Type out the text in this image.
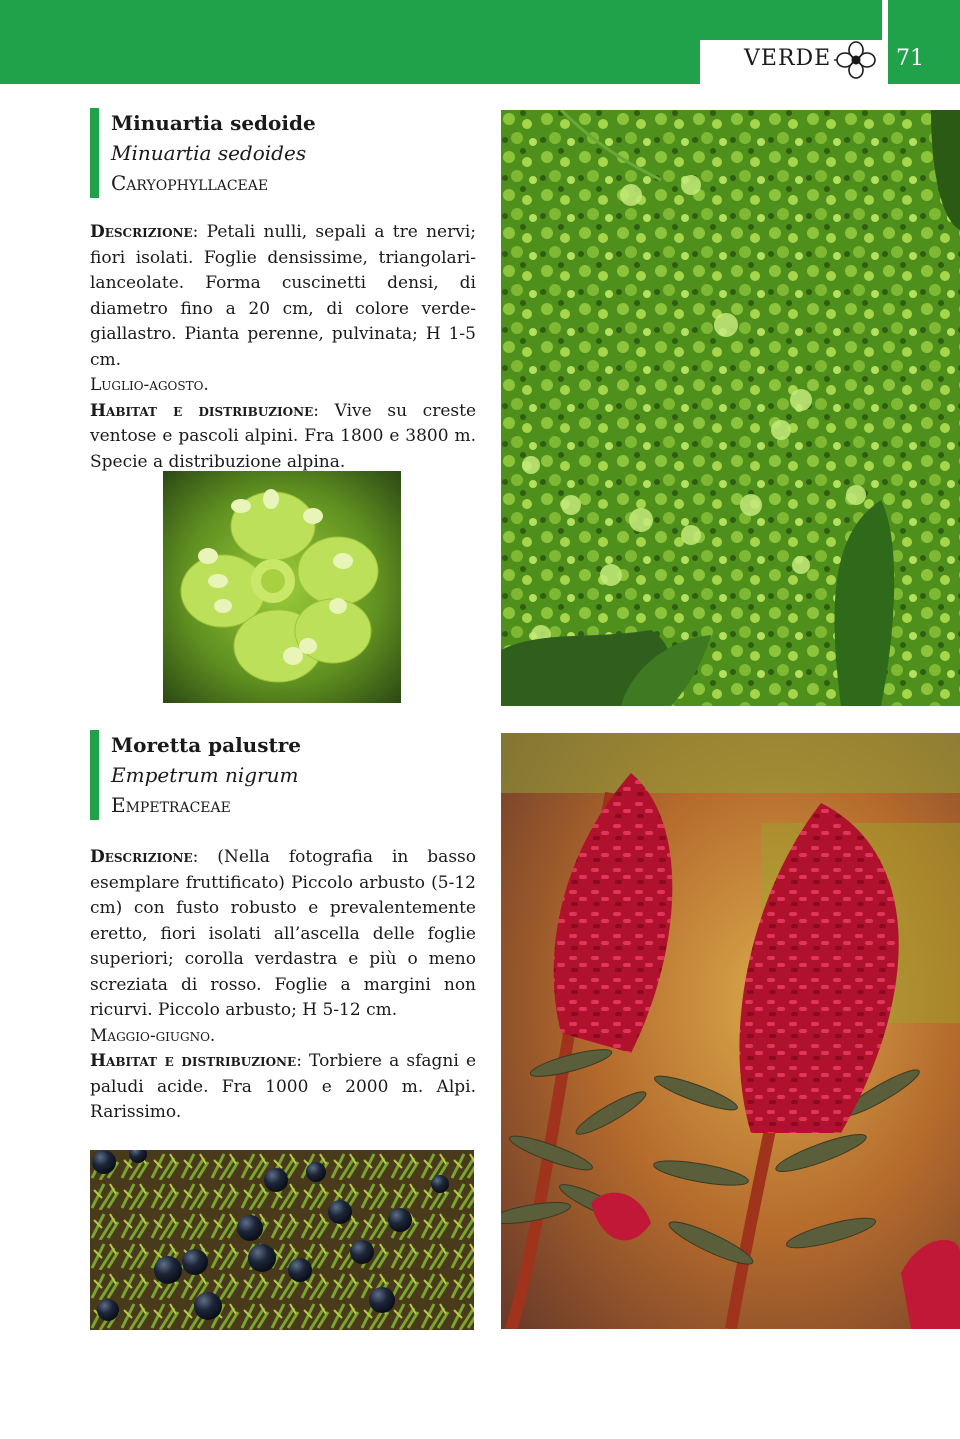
VERDE	71
Minuartia sedoide
Minuartia sedoides
Caryophyllaceae

Descrizione: Petali nulli, sepali a tre nervi; fiori isolati. Foglie densissime, triangolari-lanceolate. Forma cuscinetti densi, di diametro fino a 20 cm, di colore verde-giallastro. Pianta perenne, pulvinata; H 1-5 cm.

Luglio-agosto.

Habitat e distribuzione: Vive su creste ventose e pascoli alpini. Fra 1800 e 3800 m. Specie a distribuzione alpina.

Moretta palustre
Empetrum nigrum
Empetraceae

Descrizione: (Nella fotografia in basso esemplare fruttificato) Piccolo arbusto (5-12 cm) con fusto robusto e prevalentemente eretto, fiori isolati all’ascella delle foglie superiori; corolla verdastra e più o meno screziata di rosso. Foglie a margini non ricurvi. Piccolo arbusto; H 5-12 cm.

Maggio-giugno.

Habitat e distribuzione: Torbiere a sfagni e paludi acide. Fra 1000 e 2000 m. Alpi. Rarissimo.
